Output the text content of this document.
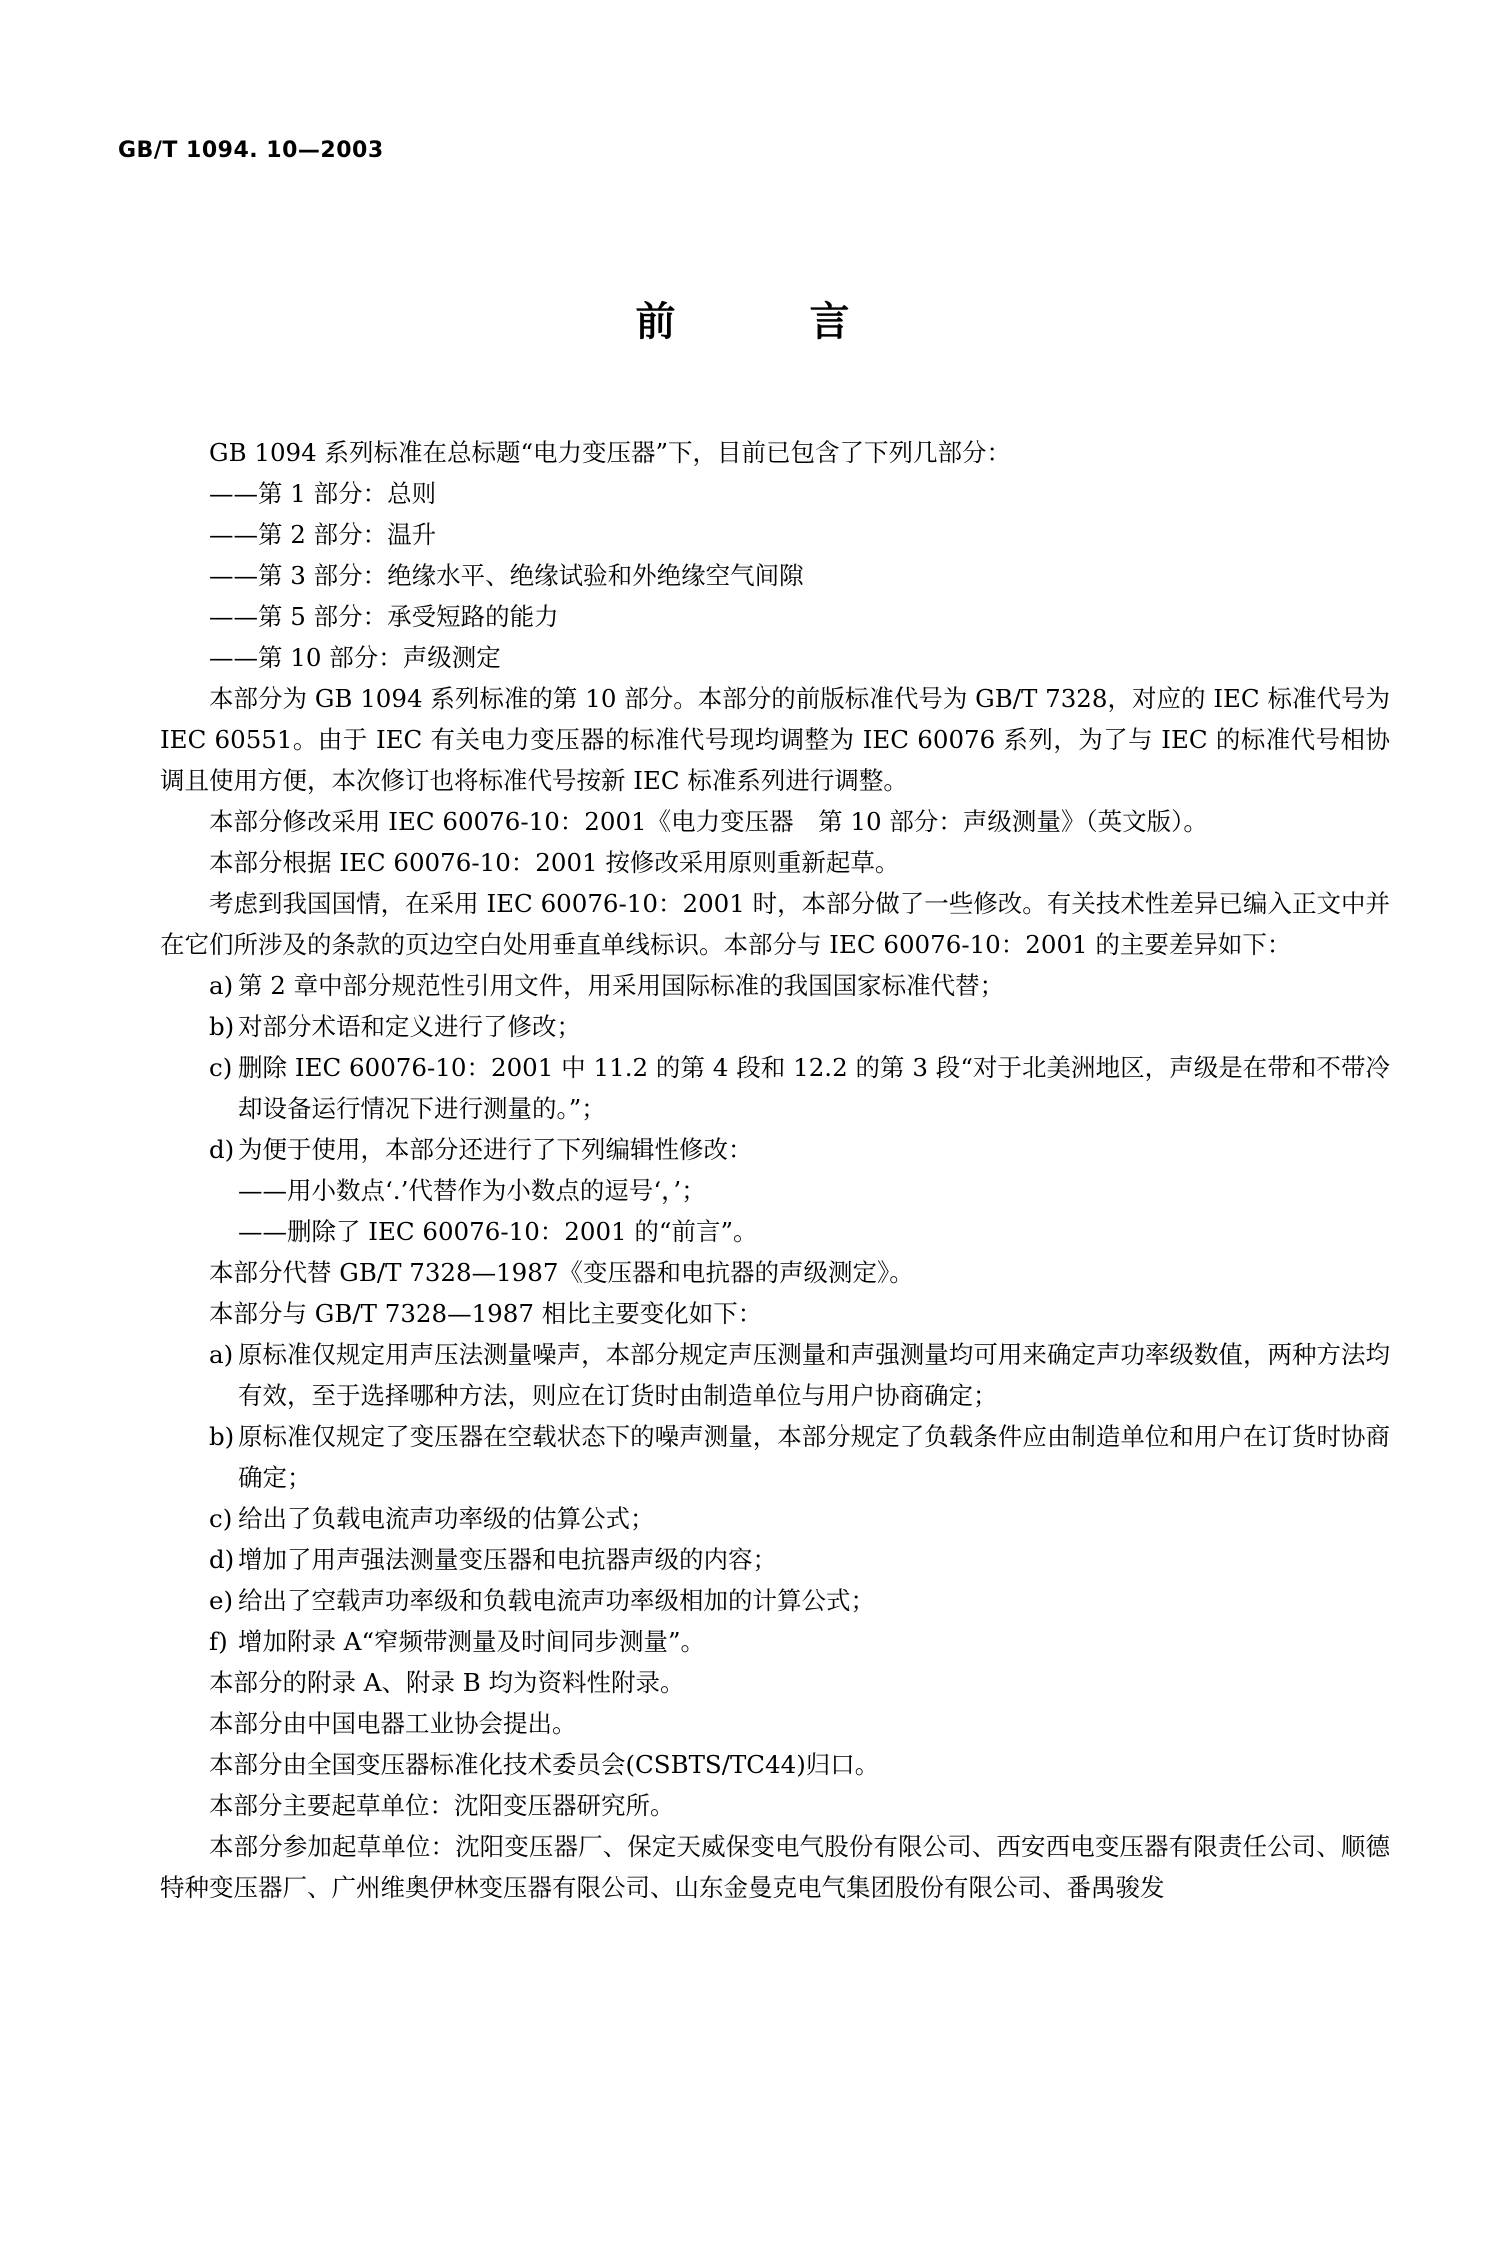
GB/T 1094. 10—2003
前　　言

GB 1094 系列标准在总标题“电力变压器”下，目前已包含了下列几部分：

——第 1 部分：总则

——第 2 部分：温升

——第 3 部分：绝缘水平、绝缘试验和外绝缘空气间隙

——第 5 部分：承受短路的能力

——第 10 部分：声级测定

本部分为 GB 1094 系列标准的第 10 部分。本部分的前版标准代号为 GB/T 7328，对应的 IEC 标准代号为 IEC 60551。由于 IEC 有关电力变压器的标准代号现均调整为 IEC 60076 系列，为了与 IEC 的标准代号相协调且使用方便，本次修订也将标准代号按新 IEC 标准系列进行调整。

本部分修改采用 IEC 60076-10：2001《电力变压器　第 10 部分：声级测量》（英文版）。

本部分根据 IEC 60076-10：2001 按修改采用原则重新起草。

考虑到我国国情，在采用 IEC 60076-10：2001 时，本部分做了一些修改。有关技术性差异已编入正文中并在它们所涉及的条款的页边空白处用垂直单线标识。本部分与 IEC 60076-10：2001 的主要差异如下：

a) 第 2 章中部分规范性引用文件，用采用国际标准的我国国家标准代替；
b) 对部分术语和定义进行了修改；
c) 删除 IEC 60076-10：2001 中 11.2 的第 4 段和 12.2 的第 3 段“对于北美洲地区，声级是在带和不带冷却设备运行情况下进行测量的。”；
d) 为便于使用，本部分还进行了下列编辑性修改：

——用小数点‘.’代替作为小数点的逗号‘，’；

——删除了 IEC 60076-10：2001 的“前言”。

本部分代替 GB/T 7328—1987《变压器和电抗器的声级测定》。

本部分与 GB/T 7328—1987 相比主要变化如下：

a) 原标准仅规定用声压法测量噪声，本部分规定声压测量和声强测量均可用来确定声功率级数值，两种方法均有效，至于选择哪种方法，则应在订货时由制造单位与用户协商确定；
b) 原标准仅规定了变压器在空载状态下的噪声测量，本部分规定了负载条件应由制造单位和用户在订货时协商确定；
c) 给出了负载电流声功率级的估算公式；
d) 增加了用声强法测量变压器和电抗器声级的内容；
e) 给出了空载声功率级和负载电流声功率级相加的计算公式；
f) 增加附录 A“窄频带测量及时间同步测量”。

本部分的附录 A、附录 B 均为资料性附录。

本部分由中国电器工业协会提出。

本部分由全国变压器标准化技术委员会(CSBTS/TC44)归口。

本部分主要起草单位：沈阳变压器研究所。

本部分参加起草单位：沈阳变压器厂、保定天威保变电气股份有限公司、西安西电变压器有限责任公司、顺德特种变压器厂、广州维奥伊林变压器有限公司、山东金曼克电气集团股份有限公司、番禺骏发
